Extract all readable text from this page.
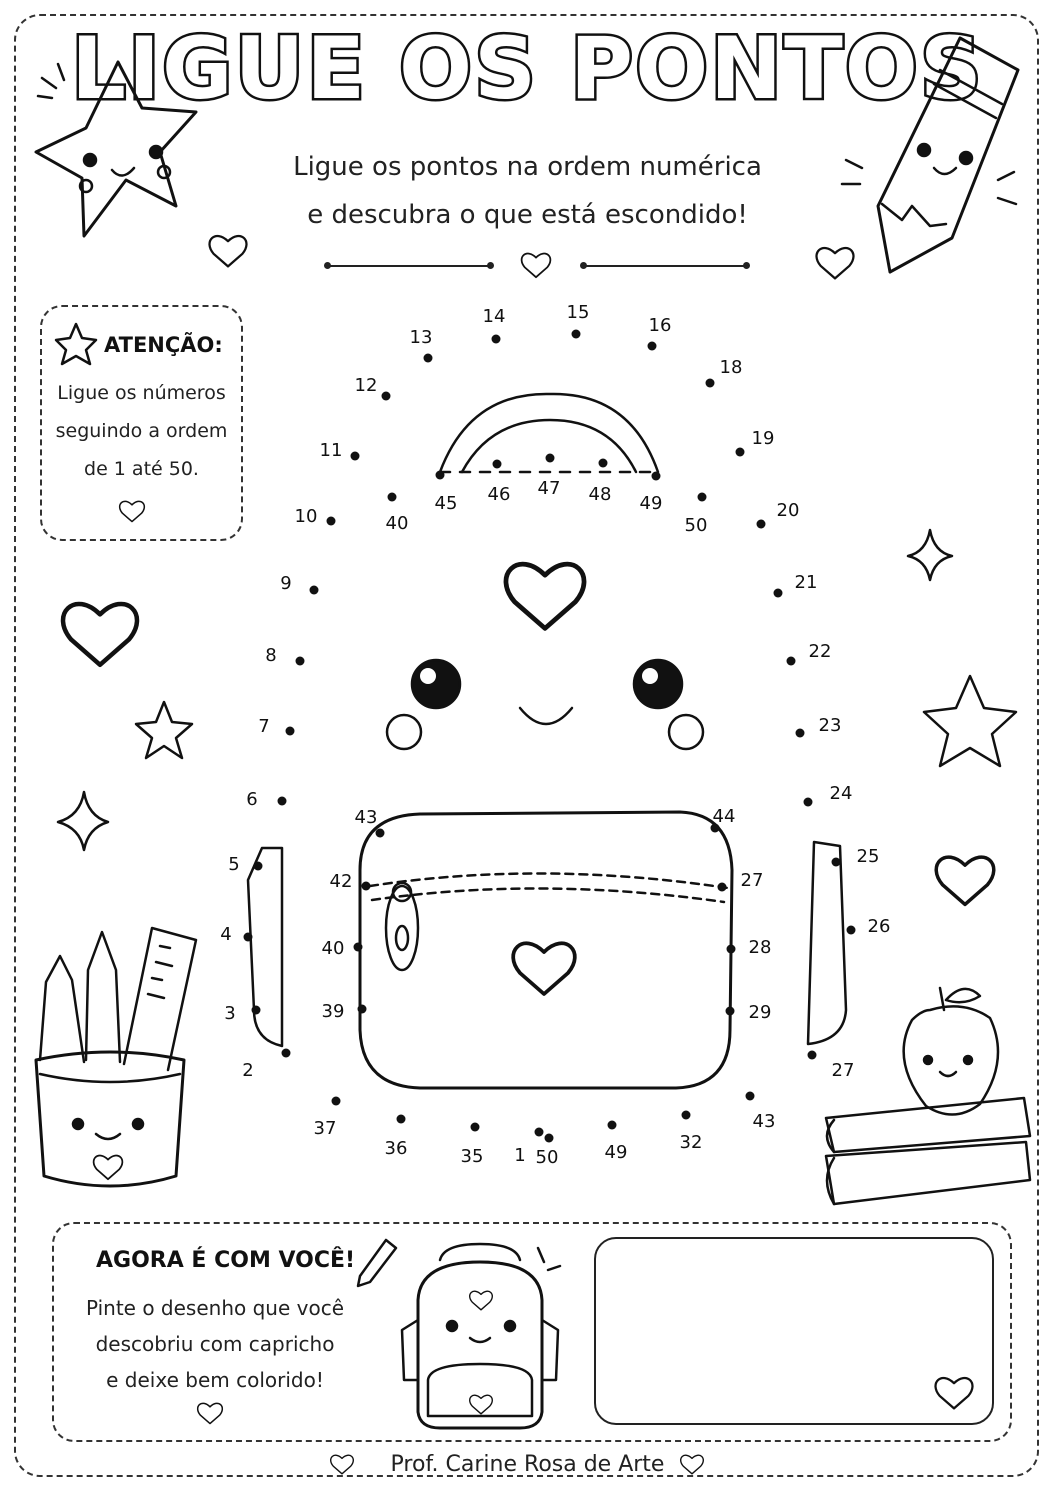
LIGUE OS PONTOS
Ligue os pontos na ordem numérica
e descubra o que está escondido!
ATENÇÃO:
Ligue os números
seguindo a ordem
de 1 até 50.
1
2
3
4
5
6
7
8
9
10
11
12
13
14	15
16
18
19
20
21
22
23
24
25
26
27
27
28
29
32
35
36
37
39
40
40
42
43	44
45 46 47 48 49
49
50
50
43
AGORA É COM VOCÊ!
Pinte o desenho que você
descobriu com capricho
e deixe bem colorido!
Prof. Carine Rosa de Arte
